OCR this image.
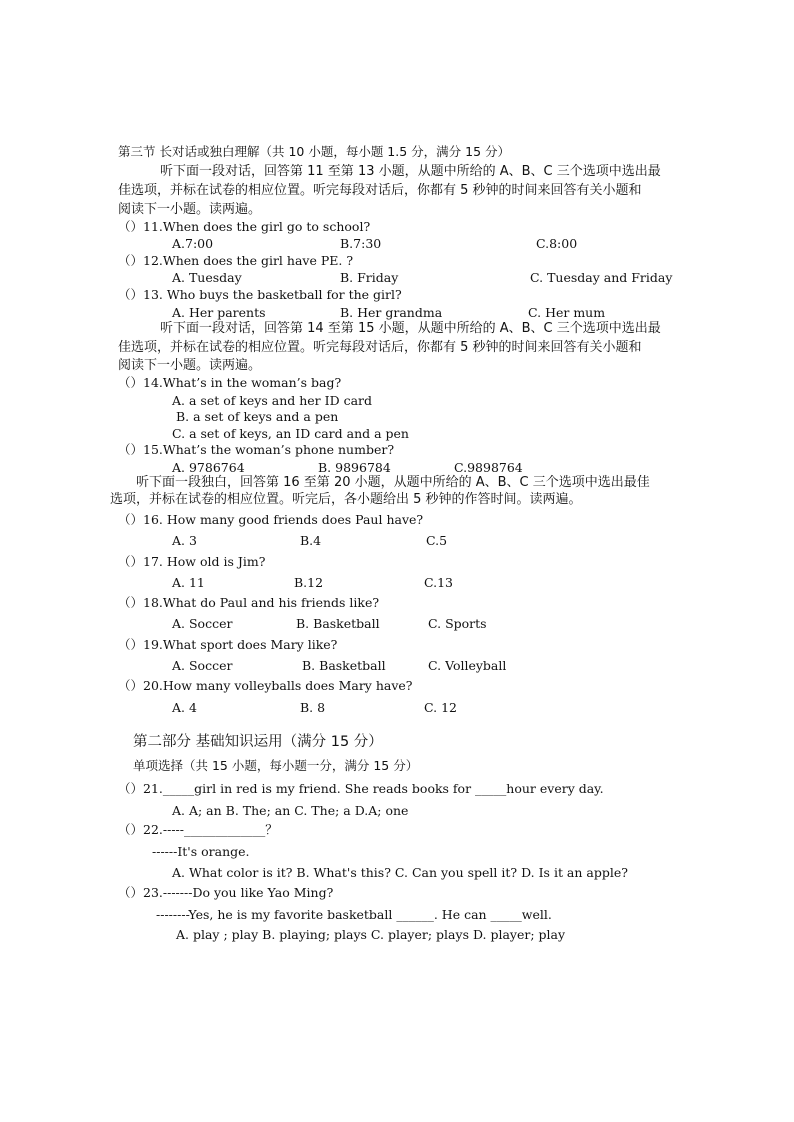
第三节 长对话或独白理解（共 10 小题，每小题 1.5 分，满分 15 分）
听下面一段对话，回答第 11 至第 13 小题，从题中所给的 A、B、C 三个选项中选出最
佳选项，并标在试卷的相应位置。听完每段对话后，你都有 5 秒钟的时间来回答有关小题和
阅读下一小题。读两遍。
（）11.When does the girl go to school?
A.7:00	B.7:30	C.8:00
（）12.When does the girl have PE. ?
A. Tuesday	B. Friday	C. Tuesday and Friday
（）13. Who buys the basketball for the girl?
A. Her parents	B. Her grandma	C. Her mum
听下面一段对话，回答第 14 至第 15 小题，从题中所给的 A、B、C 三个选项中选出最
佳选项，并标在试卷的相应位置。听完每段对话后，你都有 5 秒钟的时间来回答有关小题和
阅读下一小题。读两遍。
（）14.What’s in the woman’s bag?
A. a set of keys and her ID card
B. a set of keys and a pen
C. a set of keys, an ID card and a pen
（）15.What’s the woman’s phone number?
A. 9786764	B. 9896784	C.9898764
听下面一段独白，回答第 16 至第 20 小题，从题中所给的 A、B、C 三个选项中选出最佳
选项，并标在试卷的相应位置。听完后，各小题给出 5 秒钟的作答时间。读两遍。
（）16. How many good friends does Paul have?
A. 3	B.4	C.5
（）17. How old is Jim?
A. 11	B.12	C.13
（）18.What do Paul and his friends like?
A. Soccer	B. Basketball	C. Sports
（）19.What sport does Mary like?
A. Soccer	B. Basketball	C. Volleyball
（）20.How many volleyballs does Mary have?
A. 4	B. 8	C. 12
第二部分 基础知识运用（满分 15 分）
单项选择（共 15 小题，每小题一分，满分 15 分）
（）21._____girl in red is my friend. She reads books for _____hour every day.
A. A; an B. The; an C. The; a D.A; one
（）22.-----_____________？
------It's orange.
A. What color is it? B. What's this? C. Can you spell it? D. Is it an apple?
（）23.-------Do you like Yao Ming?
--------Yes, he is my favorite basketball ______. He can _____well.
A. play ; play B. playing; plays C. player; plays D. player; play
